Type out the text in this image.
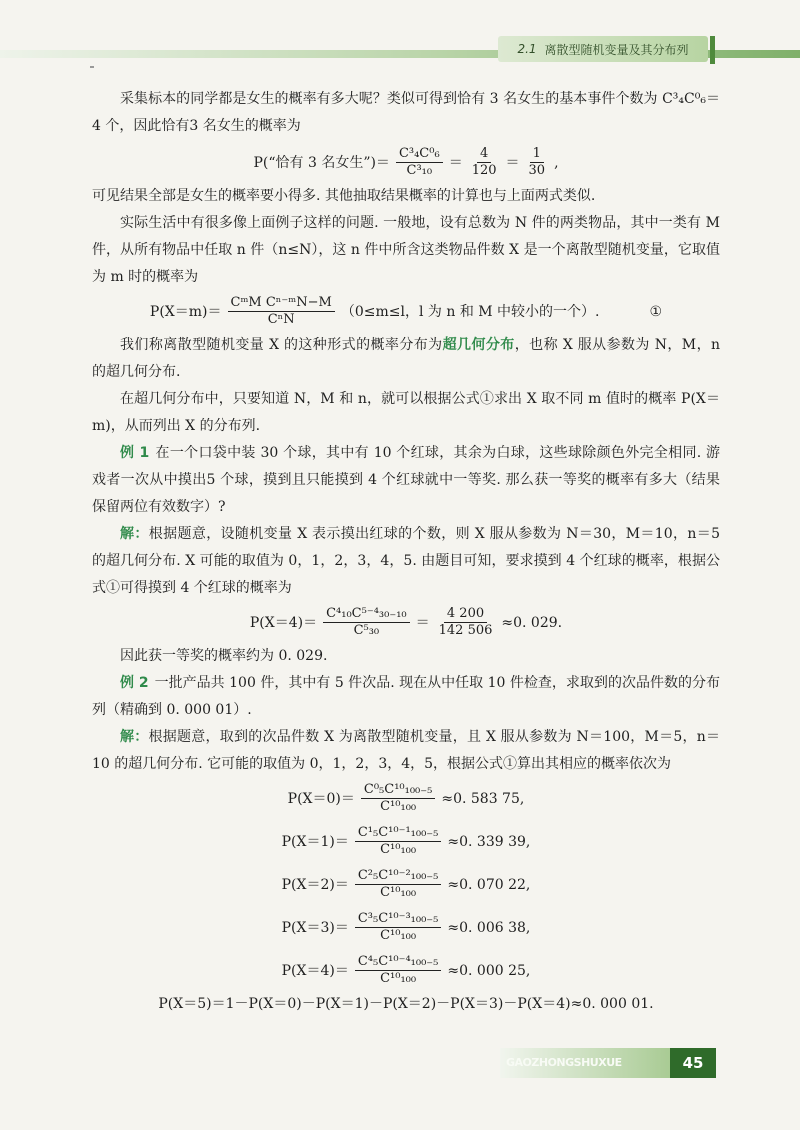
2.1 离散型随机变量及其分布列

采集标本的同学都是女生的概率有多大呢？类似可得到恰有 3 名女生的基本事件个数为 C³₄C⁰₆＝4 个，因此恰有3 名女生的概率为

P(“恰有 3 名女生”)＝ $\frac{\text{C³₄C⁰₆}}{\text{C³₁₀}} = \frac{4}{120} = \frac{1}{30}$ ,

可见结果全部是女生的概率要小得多. 其他抽取结果概率的计算也与上面两式类似.

实际生活中有很多像上面例子这样的问题. 一般地，设有总数为 N 件的两类物品，其中一类有 M 件，从所有物品中任取 n 件（n≤N），这 n 件中所含这类物品件数 X 是一个离散型随机变量，它取值为 m 时的概率为

$P(X=m)= \frac{\text{CᵐM Cⁿ⁻ᵐN−M}}{\text{CⁿN}} (0\le m\le l$，l 为 n 和 M 中较小的一个）.	①

我们称离散型随机变量 X 的这种形式的概率分布为超几何分布，也称 X 服从参数为 N，M，n 的超几何分布.

在超几何分布中，只要知道 N，M 和 n，就可以根据公式①求出 X 取不同 m 值时的概率 P(X＝m)，从而列出 X 的分布列.

例 1 在一个口袋中装 30 个球，其中有 10 个红球，其余为白球，这些球除颜色外完全相同. 游戏者一次从中摸出5 个球，摸到且只能摸到 4 个红球就中一等奖. 那么获一等奖的概率有多大（结果保留两位有效数字）?

解：根据题意，设随机变量 X 表示摸出红球的个数，则 X 服从参数为 N＝30，M＝10，n＝5 的超几何分布. X 可能的取值为 0，1，2，3，4，5. 由题目可知，要求摸到 4 个红球的概率，根据公式①可得摸到 4 个红球的概率为

$P(X=4)= \frac{\text{C⁴₁₀C⁵⁻⁴₃₀₋₁₀}}{\text{C⁵₃₀}} = \frac{4 200}{142 506} \approx 0$. 029.

因此获一等奖的概率约为 0. 029.

例 2 一批产品共 100 件，其中有 5 件次品. 现在从中任取 10 件检查，求取到的次品件数的分布列（精确到 0. 000 01）.

解：根据题意，取到的次品件数 X 为离散型随机变量，且 X 服从参数为 N＝100，M＝5，n＝10 的超几何分布. 它可能的取值为 0，1，2，3，4，5，根据公式①算出其相应的概率依次为

$P(X=0)= \frac{\text{C⁰₅C¹⁰₁₀₀₋₅}}{\text{C¹⁰₁₀₀}} \approx 0$. 583 75,
$P(X=1)= \frac{\text{C¹₅C¹⁰⁻¹₁₀₀₋₅}}{\text{C¹⁰₁₀₀}} \approx 0$. 339 39,
$P(X=2)= \frac{\text{C²₅C¹⁰⁻²₁₀₀₋₅}}{\text{C¹⁰₁₀₀}} \approx 0$. 070 22,
$P(X=3)= \frac{\text{C³₅C¹⁰⁻³₁₀₀₋₅}}{\text{C¹⁰₁₀₀}} \approx 0$. 006 38,
$P(X=4)= \frac{\text{C⁴₅C¹⁰⁻⁴₁₀₀₋₅}}{\text{C¹⁰₁₀₀}} \approx 0$. 000 25,
P(X＝5)＝1－P(X＝0)－P(X＝1)－P(X＝2)－P(X＝3)－P(X＝4)≈0. 000 01.
GAOZHONGSHUXUE	45
